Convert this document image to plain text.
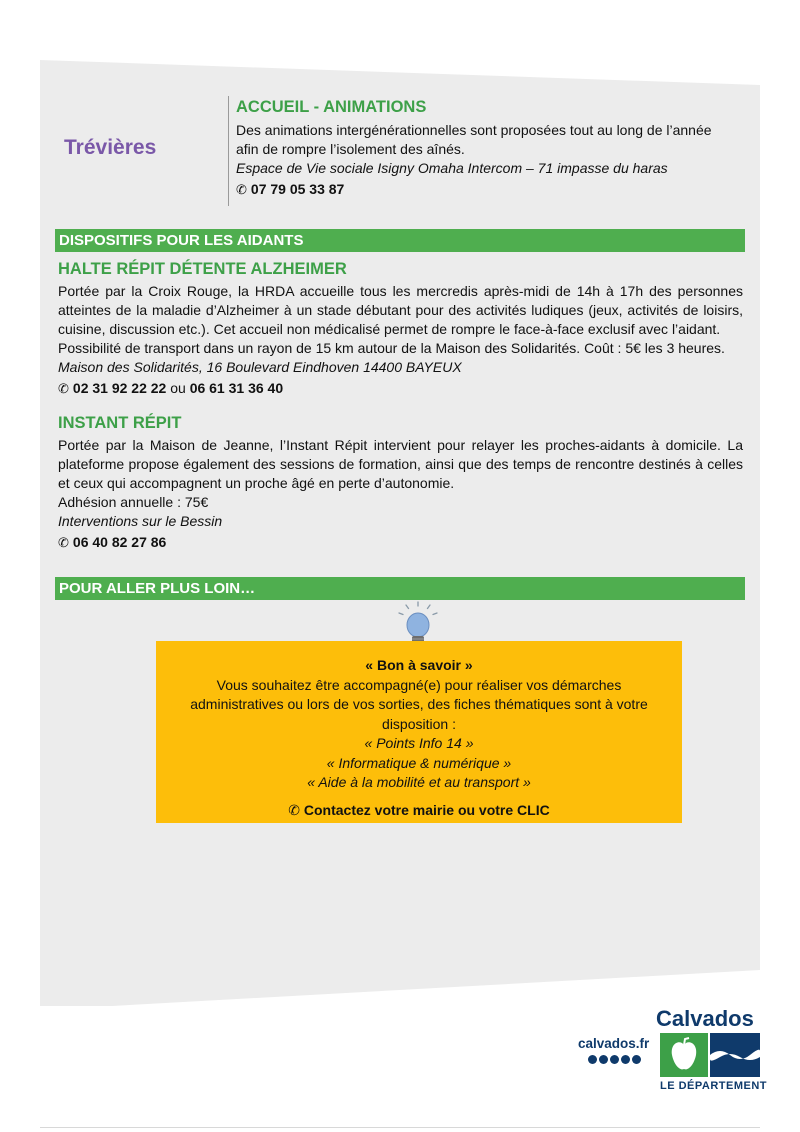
Trévières
ACCUEIL - ANIMATIONS
Des animations intergénérationnelles sont proposées tout au long de l’année
afin de rompre l’isolement des aînés.
Espace de Vie sociale Isigny Omaha Intercom – 71 impasse du haras
✆ 07 79 05 33 87
DISPOSITIFS POUR LES AIDANTS
HALTE RÉPIT DÉTENTE ALZHEIMER
Portée par la Croix Rouge, la HRDA accueille tous les mercredis après-midi de 14h à 17h des personnes atteintes de la maladie d’Alzheimer à un stade débutant pour des activités ludiques (jeux, activités de loisirs, cuisine, discussion etc.). Cet accueil non médicalisé permet de rompre le face-à-face exclusif avec l’aidant.
Possibilité de transport dans un rayon de 15 km autour de la Maison des Solidarités. Coût : 5€ les 3 heures.
Maison des Solidarités, 16 Boulevard Eindhoven 14400 BAYEUX
✆ 02 31 92 22 22 ou 06 61 31 36 40
INSTANT RÉPIT
Portée par la Maison de Jeanne, l’Instant Répit intervient pour relayer les proches-aidants à domicile. La plateforme propose également des sessions de formation, ainsi que des temps de rencontre destinés à celles et ceux qui accompagnent un proche âgé en perte d’autonomie.
Adhésion annuelle : 75€
Interventions sur le Bessin
✆ 06 40 82 27 86
POUR ALLER PLUS LOIN…
« Bon à savoir »
Vous souhaitez être accompagné(e) pour réaliser vos démarches
administratives ou lors de vos sorties, des fiches thématiques sont à votre
disposition :
« Points Info 14 »
« Informatique & numérique »
« Aide à la mobilité et au transport »
✆ Contactez votre mairie ou votre CLIC
Calvados
calvados.fr
LE DÉPARTEMENT
